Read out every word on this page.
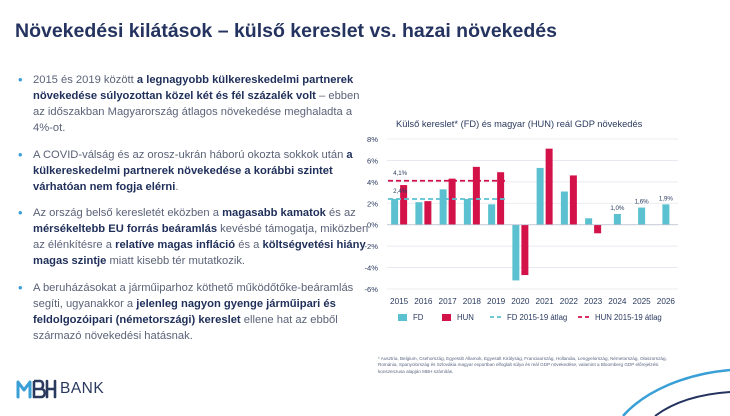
Növekedési kilátások – külső kereslet vs. hazai növekedés
• 2015 és 2019 között a legnagyobb külkereskedelmi partnerek növekedése súlyozottan közel két és fél százalék volt – ebben az időszakban Magyarország átlagos növekedése meghaladta a 4%-ot.
• A COVID-válság és az orosz-ukrán háború okozta sokkok után a külkereskedelmi partnerek növekedése a korábbi szintet várhatóan nem fogja elérni.
• Az ország belső keresletét eközben a magasabb kamatok és az mérsékeltebb EU forrás beáramlás kevésbé támogatja, miközben az élénkítésre a relatíve magas infláció és a költségvetési hiány magas szintje miatt kisebb tér mutatkozik.
• A beruházásokat a járműiparhoz köthető működőtőke-beáramlás segíti, ugyanakkor a jelenleg nagyon gyenge járműipari és feldolgozóipari (németországi) kereslet ellene hat az ebből származó növekedési hatásnak.
Külső kereslet* (FD) és magyar (HUN) reál GDP növekedés
-6%
-4%
-2%
0%
2%
4%
6%
8%
2015 2016 2017 2018 2019 2020 2021 2022 2023 2024 2025 2026
4,1%
2,4%
1,0%
1,6% 1,9%
FD	HUN	FD 2015-19 átlag	HUN 2015-19 átlag
* Ausztria, Belgium, Csehország, Egyesült Államok, Egyesült Királyság, Franciaország, Hollandia, Lengyelország, Németország, Olaszország, Románia, Spanyolország és Szlovákia magyar exportban elfoglalt súlya és reál GDP növekedése, valamint a Bloomberg GDP előrejelzési konszenzusa alapján MBH számítás.
BANK
